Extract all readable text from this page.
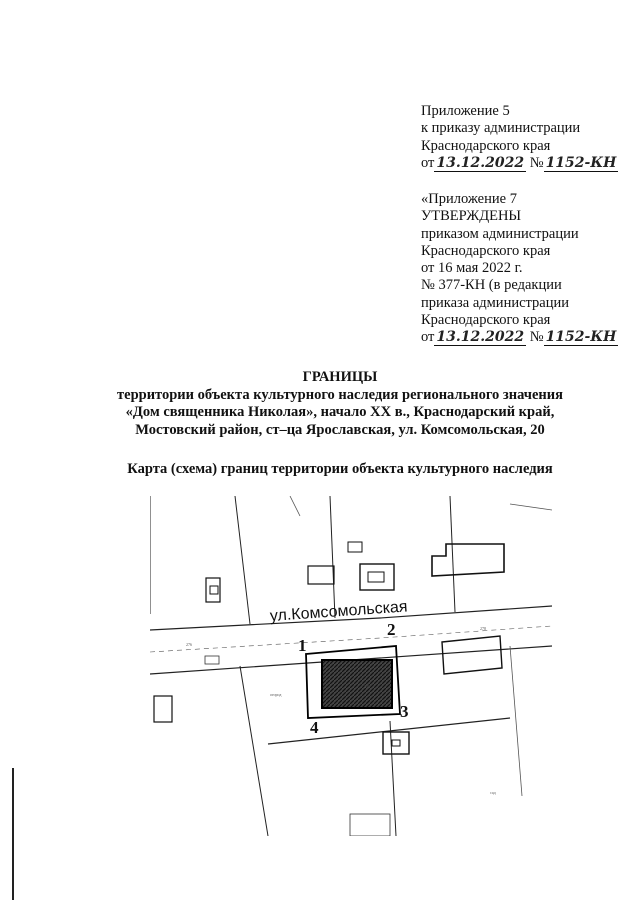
Приложение 5
к приказу администрации
Краснодарского края
от 13.12.2022 № 1152-КН
«Приложение 7
УТВЕРЖДЕНЫ
приказом администрации
Краснодарского края
от 16 мая 2022 г.
№ 377-КН (в редакции
приказа администрации
Краснодарского края
от 13.12.2022 № 1152-КН
ГРАНИЦЫ
территории объекта культурного наследия регионального значения
«Дом священника Николая», начало XX в., Краснодарский край,
Мостовский район, ст–ца Ярославская, ул. Комсомольская, 20
Карта (схема) границ территории объекта культурного наследия
2.0
276
278
огород
сад
ул.Комсомольская
1
2
3
4
